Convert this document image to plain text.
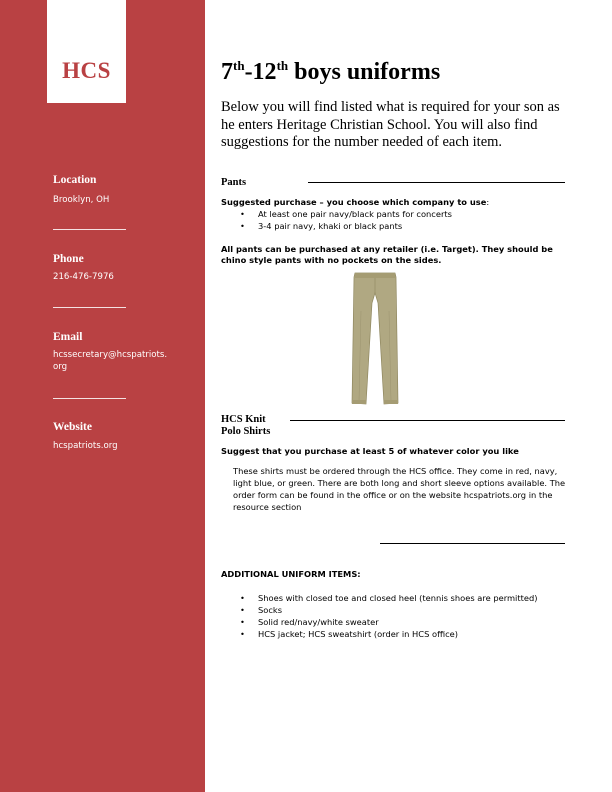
HCS
Location
Brooklyn, OH
Phone
216-476-7976
Email
hcssecretary@hcspatriots.
org
Website
hcspatriots.org
7th-12th boys uniforms
Below you will find listed what is required for your son as he enters Heritage Christian School. You will also find suggestions for the number needed of each item.
Pants
Suggested purchase – you choose which company to use:
• At least one pair navy/black pants for concerts
• 3-4 pair navy, khaki or black pants
All pants can be purchased at any retailer (i.e. Target). They should be chino style pants with no pockets on the sides.
HCS Knit
Polo Shirts
Suggest that you purchase at least 5 of whatever color you like
These shirts must be ordered through the HCS office. They come in red, navy, light blue, or green. There are both long and short sleeve options available. The order form can be found in the office or on the website hcspatriots.org in the resource section
ADDITIONAL UNIFORM ITEMS:
• Shoes with closed toe and closed heel (tennis shoes are permitted)
• Socks
• Solid red/navy/white sweater
• HCS jacket; HCS sweatshirt (order in HCS office)
